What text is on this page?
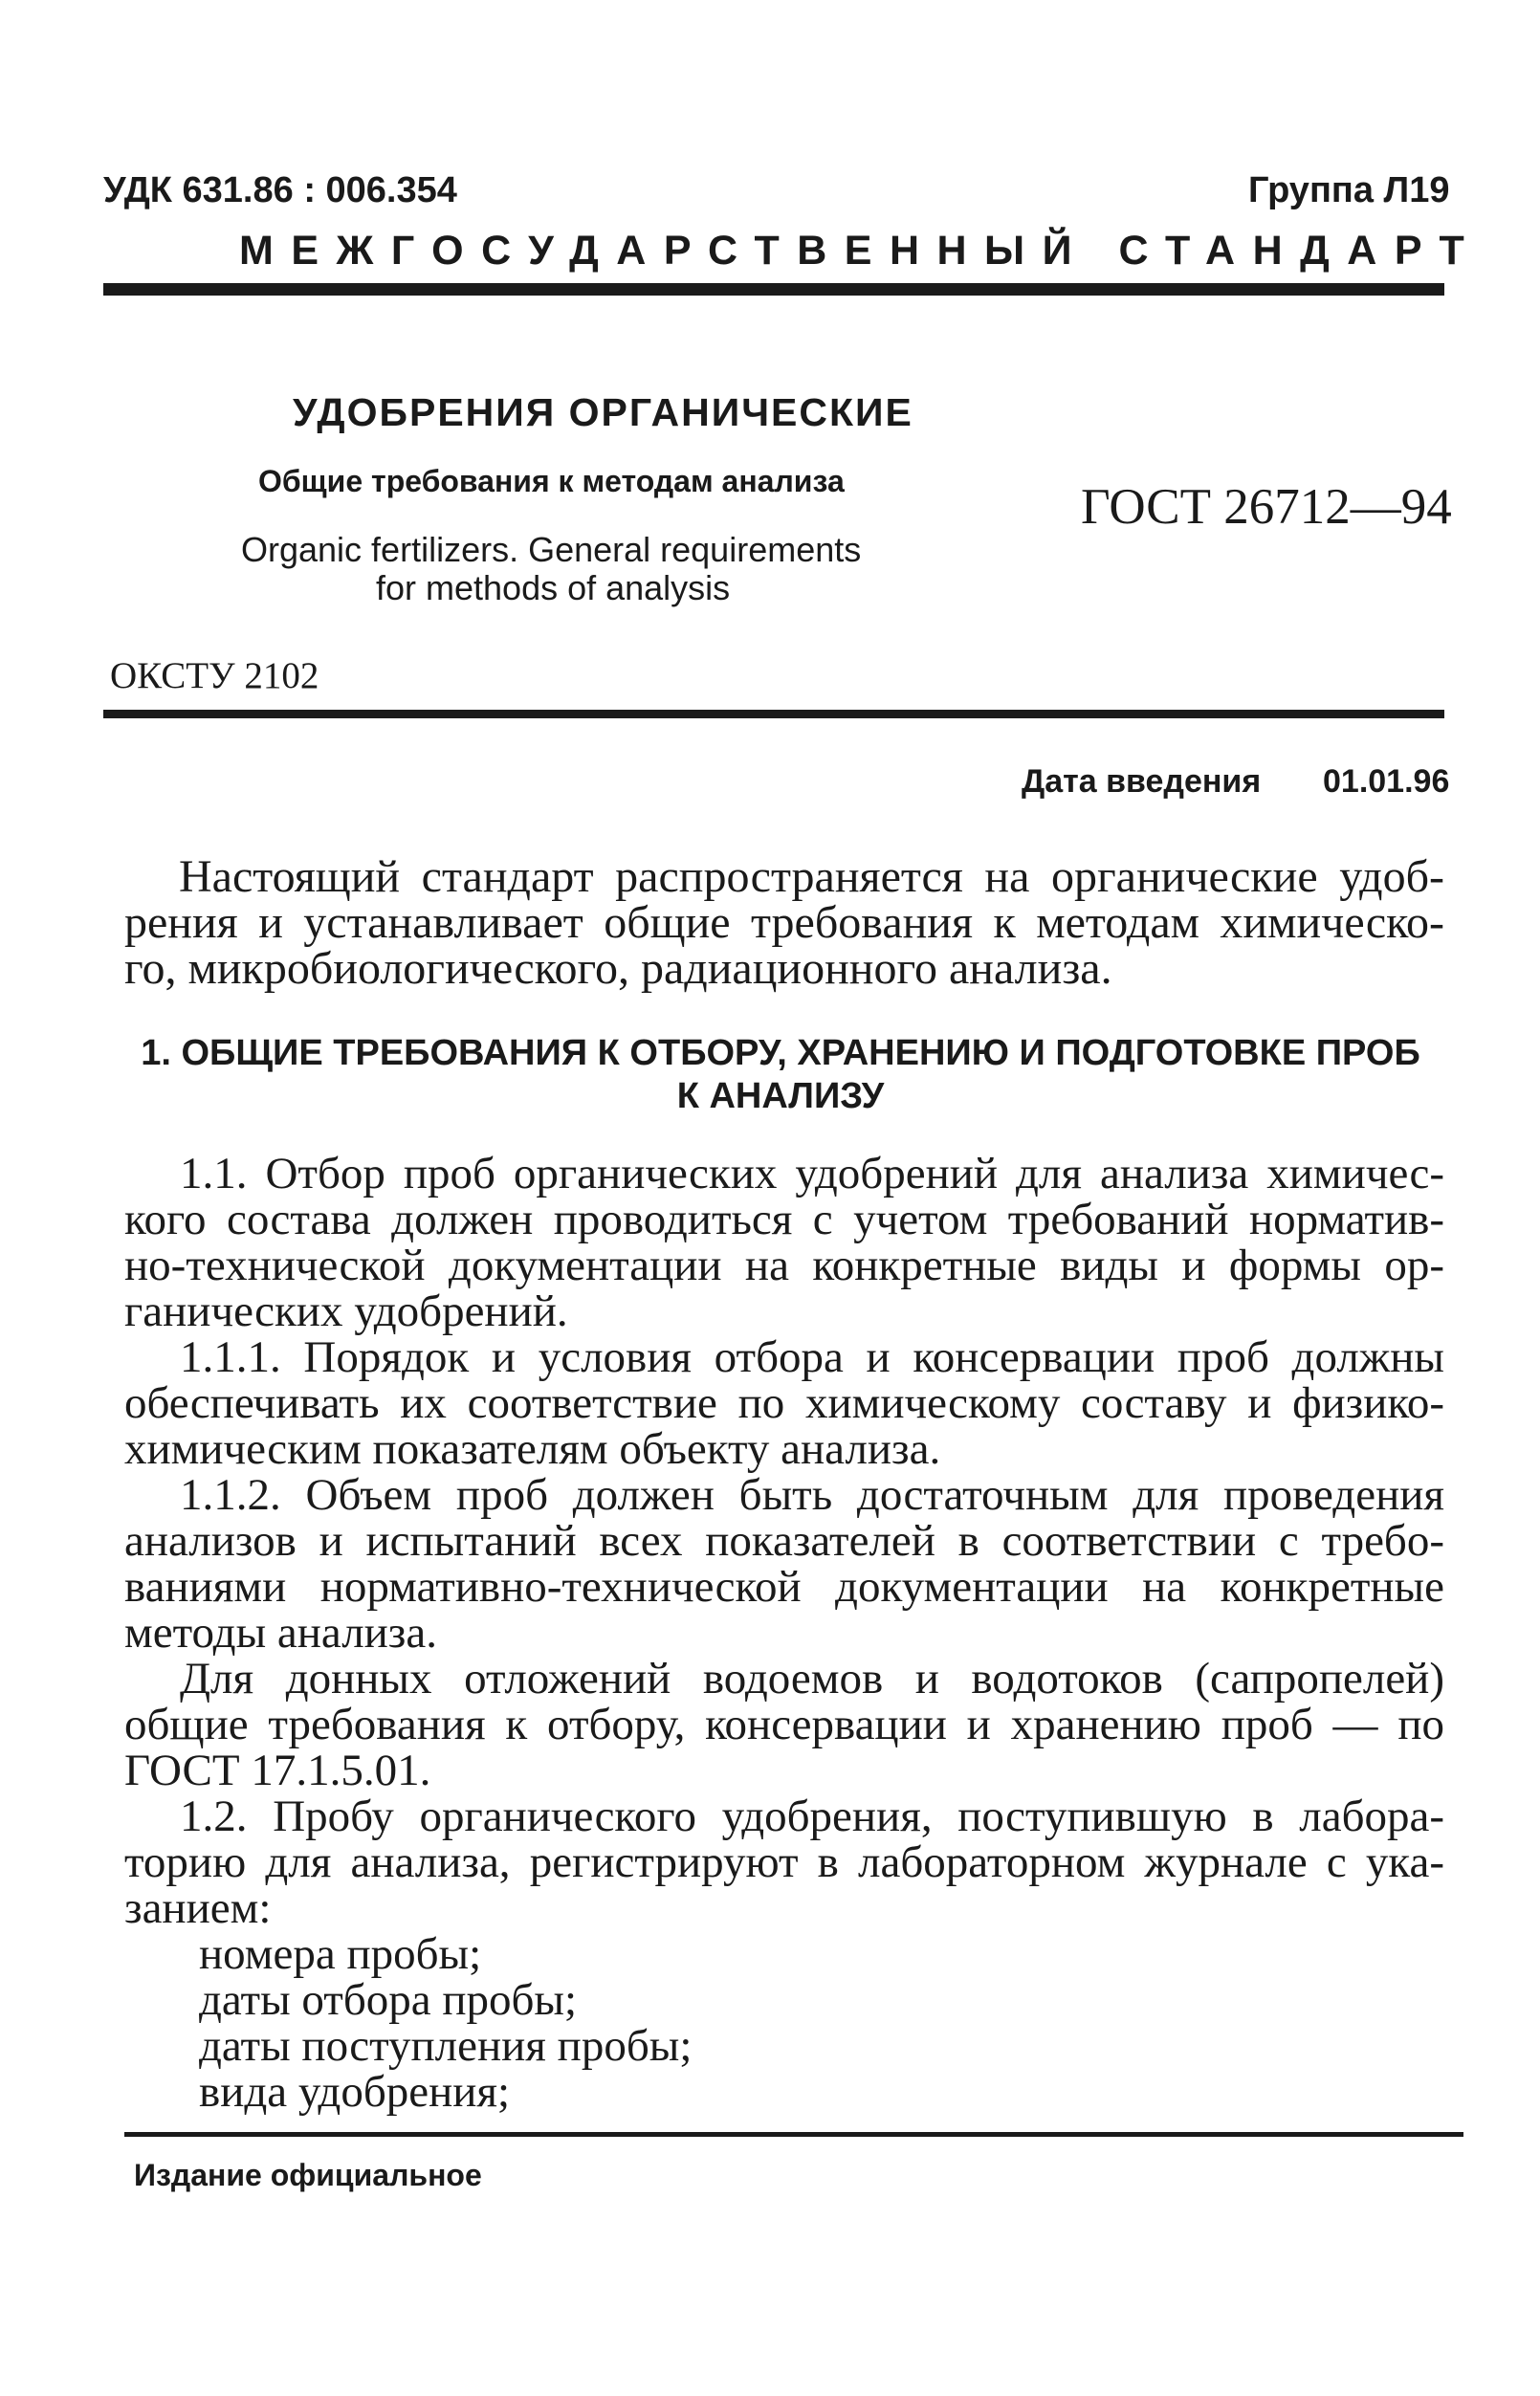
УДК 631.86 : 006.354	Группа Л19
МЕЖГОСУДАРСТВЕННЫЙ СТАНДАРТ
УДОБРЕНИЯ ОРГАНИЧЕСКИЕ
Общие требования к методам анализа
Organic fertilizers. General requirements
for methods of analysis
ГОСТ 26712—94
ОКСТУ 2102
Дата введения 01.01.96
Настоящий стандарт распространяется на органические удоб-
рения и устанавливает общие требования к методам химическо-
го, микробиологического, радиационного анализа.
1. ОБЩИЕ ТРЕБОВАНИЯ К ОТБОРУ, ХРАНЕНИЮ И ПОДГОТОВКЕ ПРОБ
К АНАЛИЗУ
1.1. Отбор проб органических удобрений для анализа химичес-
кого состава должен проводиться с учетом требований норматив-
но-технической документации на конкретные виды и формы ор-
ганических удобрений.
1.1.1. Порядок и условия отбора и консервации проб должны
обеспечивать их соответствие по химическому составу и физико-
химическим показателям объекту анализа.
1.1.2. Объем проб должен быть достаточным для проведения
анализов и испытаний всех показателей в соответствии с требо-
ваниями нормативно-технической документации на конкретные
методы анализа.
Для донных отложений водоемов и водотоков (сапропелей)
общие требования к отбору, консервации и хранению проб — по
ГОСТ 17.1.5.01.
1.2. Пробу органического удобрения, поступившую в лабора-
торию для анализа, регистрируют в лабораторном журнале с ука-
занием:
номера пробы;
даты отбора пробы;
даты поступления пробы;
вида удобрения;
Издание официальное
